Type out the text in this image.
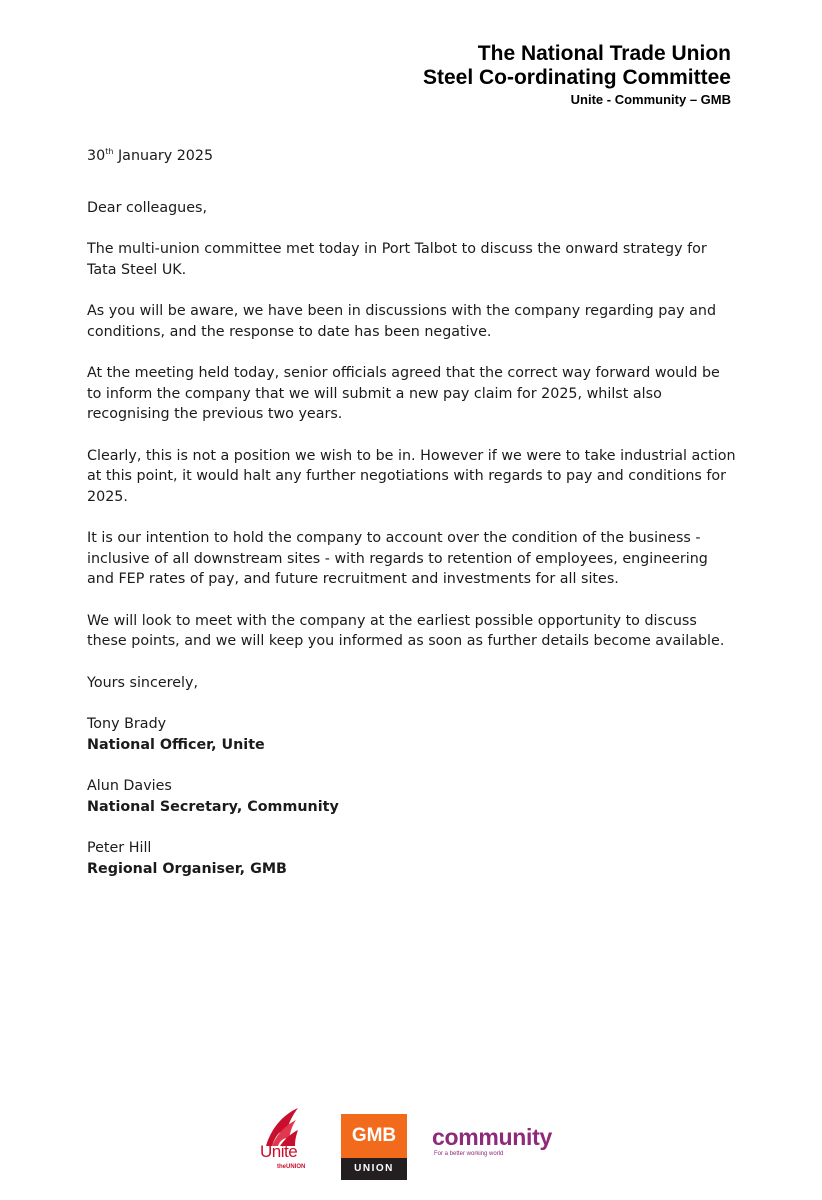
The National Trade Union
Steel Co-ordinating Committee
Unite - Community – GMB

30th January 2025

Dear colleagues,

The multi-union committee met today in Port Talbot to discuss the onward strategy for Tata Steel UK.

As you will be aware, we have been in discussions with the company regarding pay and conditions, and the response to date has been negative.

At the meeting held today, senior officials agreed that the correct way forward would be to inform the company that we will submit a new pay claim for 2025, whilst also recognising the previous two years.

Clearly, this is not a position we wish to be in. However if we were to take industrial action at this point, it would halt any further negotiations with regards to pay and conditions for 2025.

It is our intention to hold the company to account over the condition of the business - inclusive of all downstream sites - with regards to retention of employees, engineering and FEP rates of pay, and future recruitment and investments for all sites.

We will look to meet with the company at the earliest possible opportunity to discuss these points, and we will keep you informed as soon as further details become available.

Yours sincerely,

Tony Brady

National Officer, Unite

Alun Davies

National Secretary, Community

Peter Hill

Regional Organiser, GMB

Unite
theUNION
GMB
UNION
community
For a better working world
